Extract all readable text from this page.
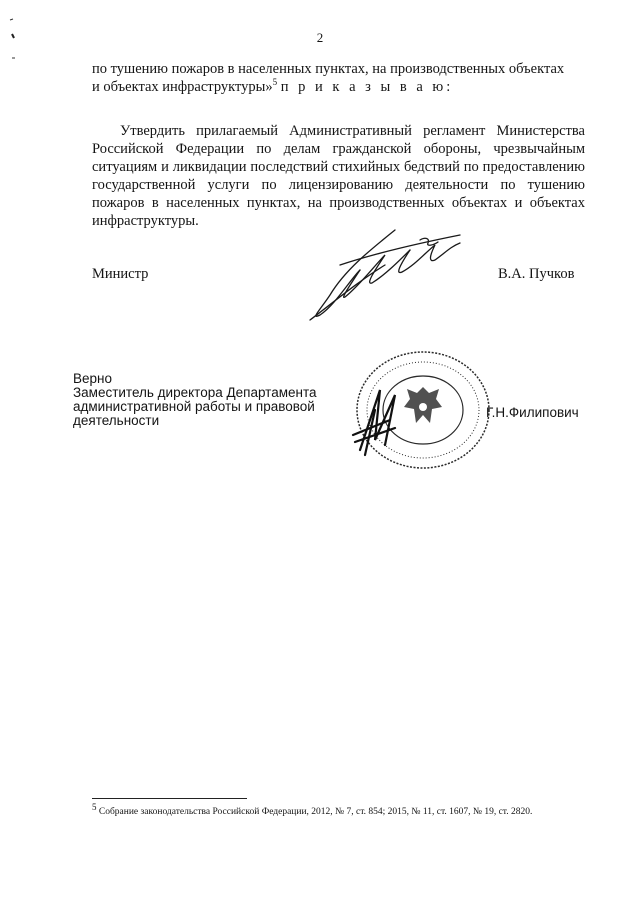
2
по тушению пожаров в населенных пунктах, на производственных объектах
и объектах инфраструктуры»$^5$ п р и к а з ы в а ю:
Утвердить прилагаемый Административный регламент Министерства Российской Федерации по делам гражданской обороны, чрезвычайным ситуациям и ликвидации последствий стихийных бедствий по предоставлению государственной услуги по лицензированию деятельности по тушению пожаров в населенных пунктах, на производственных объектах и объектах инфраструктуры.
Министр	В.А. Пучков
Верно
Заместитель директора Департамента административной работы и правовой деятельности
Г.Н.Филипович
$^5$ Собрание законодательства Российской Федерации, 2012, № 7, ст. 854; 2015, № 11, ст. 1607, № 19, ст. 2820.
